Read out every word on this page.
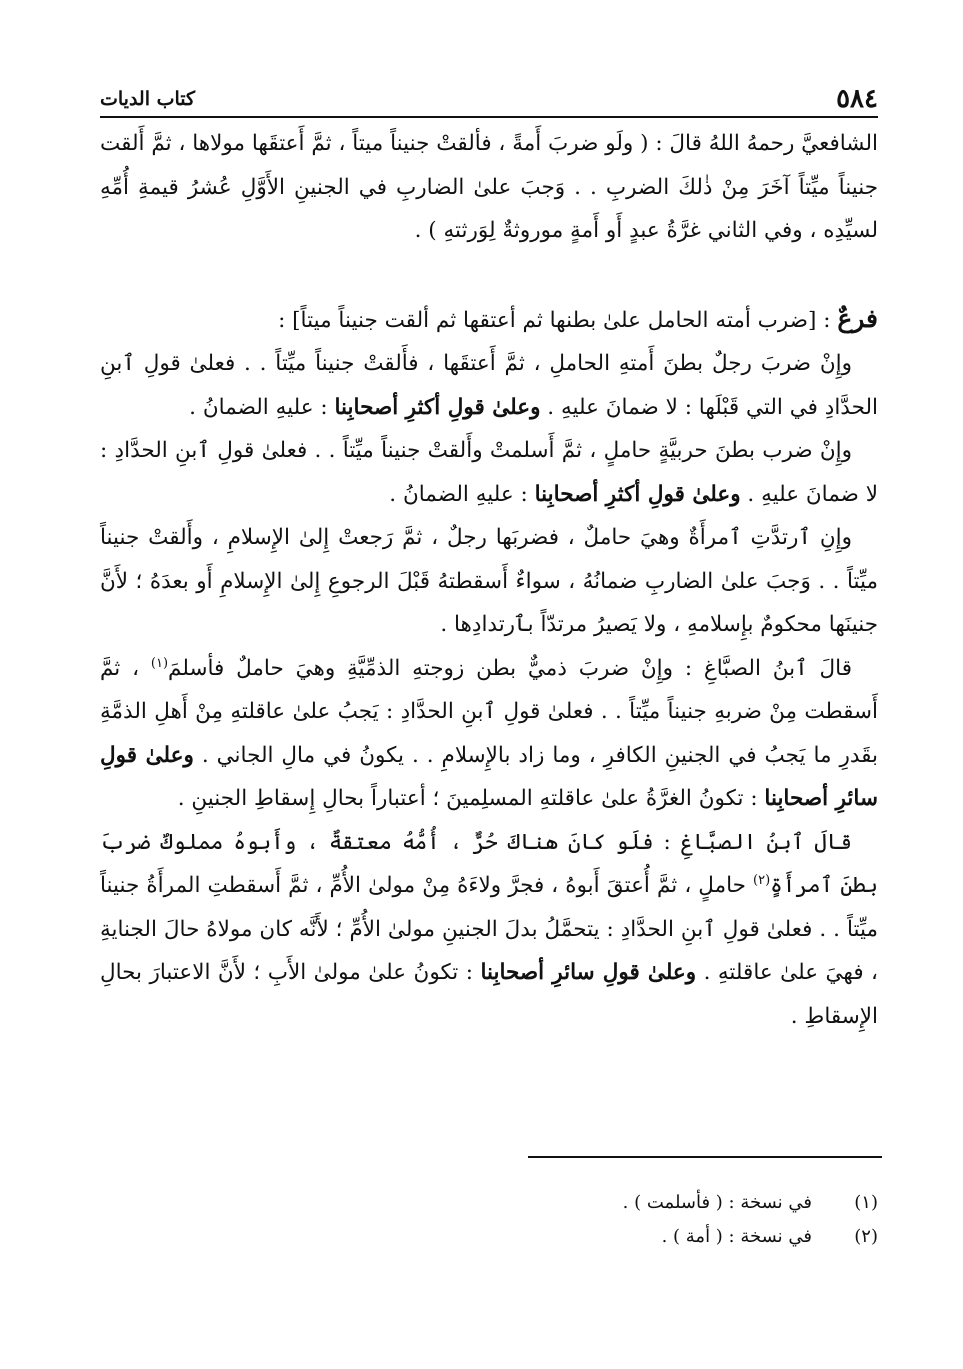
٥٨٤
كتاب الديات

الشافعيَّ رحمهُ اللهُ قالَ : ( ولَو ضربَ أَمةً ، فألقتْ جنيناً ميتاً ، ثمَّ أَعتقَها مولاها ، ثمَّ أَلقت جنيناً ميِّتاً آخَرَ مِنْ ذٰلكَ الضربِ . . وَجبَ علىٰ الضاربِ في الجنينِ الأَوَّلِ عُشرُ قيمةِ أُمِّهِ لسيِّدِه ، وفي الثاني غرَّةُ عبدٍ أَو أَمةٍ موروثةٌ لِوَرثتهِ ) .

فرعٌ : [ضرب أمته الحامل علىٰ بطنها ثم أعتقها ثم ألقت جنيناً ميتاً] :

وإِنْ ضربَ رجلٌ بطنَ أَمتهِ الحاملِ ، ثمَّ أَعتقَها ، فأَلقتْ جنيناً ميِّتاً . . فعلىٰ قولِ ٱبنِ الحدَّادِ في التي قَبْلَها : لا ضمانَ عليهِ . وعلىٰ قولِ أكثرِ أصحابِنا : عليهِ الضمانُ .

وإِنْ ضرب بطنَ حربيَّةٍ حاملٍ ، ثمَّ أَسلمتْ وأَلقتْ جنيناً ميِّتاً . . فعلىٰ قولِ ٱبنِ الحدَّادِ : لا ضمانَ عليهِ . وعلىٰ قولِ أكثرِ أصحابِنا : عليهِ الضمانُ .

وإِنِ ٱرتدَّتِ ٱمرأَةٌ وهيَ حاملٌ ، فضربَها رجلٌ ، ثمَّ رَجعتْ إِلىٰ الإِسلامِ ، وأَلقتْ جنيناً ميِّتاً . . وَجبَ علىٰ الضاربِ ضمانُهُ ، سواءٌ أَسقطتهُ قَبْلَ الرجوعِ إِلىٰ الإِسلامِ أَو بعدَهُ ؛ لأَنَّ جنينَها محكومٌ بإِسلامهِ ، ولا يَصيرُ مرتدّاً بٱرتدادِها .

قالَ ٱبنُ الصبَّاغِ : وإِنْ ضربَ ذميٌّ بطن زوجتهِ الذمِّيَّةِ وهيَ حاملٌ فأسلمَ$^{(١)}$ ، ثمَّ أَسقطت مِنْ ضربهِ جنيناً ميِّتاً . . فعلىٰ قولِ ٱبنِ الحدَّادِ : يَجبُ علىٰ عاقلتهِ مِنْ أَهلِ الذمَّةِ بقَدرِ ما يَجبُ في الجنينِ الكافرِ ، وما زاد بالإِسلامِ . . يكونُ في مالِ الجاني . وعلىٰ قولِ سائرِ أصحابِنا : تكونُ الغرَّةُ علىٰ عاقلتهِ المسلِمينَ ؛ أعتباراً بحالِ إِسقاطِ الجنينِ .

قالَ ٱبنُ الصبَّاغِ : فلَو كانَ هناكَ حُرٌّ ، أُمُّهُ معتقةٌ ، وأَبوهُ مملوكٌ ضربَ بطنَ ٱمرأَةٍ$^{(٢)}$ حاملٍ ، ثمَّ أُعتقَ أَبوهُ ، فجرَّ ولاءَهُ مِنْ مولىٰ الأُمِّ ، ثمَّ أَسقطتِ المرأَةُ جنيناً ميِّتاً . . فعلىٰ قولِ ٱبنِ الحدَّادِ : يتحمَّلُ بدلَ الجنينِ مولىٰ الأُمِّ ؛ لأَنَّه كان مولاهُ حالَ الجنايةِ ، فهيَ علىٰ عاقلتهِ . وعلىٰ قولِ سائرِ أصحابِنا : تكونُ علىٰ مولىٰ الأَبِ ؛ لأَنَّ الاعتبارَ بحالِ الإِسقاطِ .

(١)
في نسخة : ( فأسلمت ) .
(٢)
في نسخة : ( أمة ) .
